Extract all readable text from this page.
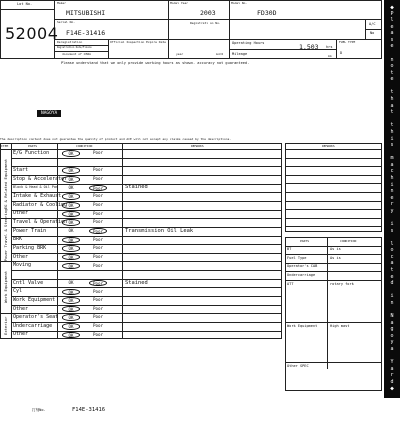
◆
P
l
e
a
s
e
n
o
t
e
t
h
a
t
t
h
i
s
m
a
c
h
i
n
e
r
y
i
s
l
o
c
a
t
e
d
i
n
N
a
g
o
y
a
Y
a
r
d
◆
Lot No.
52004
Maker
MITSUBISHI
Model Year
2003
Model No.
FD30D
Serial No.
F14E-31416
Registrati on No.	A/C
No
Deregistration
Registration Date/Finale
document of CEWA
Official Inspection Expire Date
year	month
Operating Hours	1,503 hrs
Mileage	km
FUEL TYPE
D
Please understand that we only provide working hours as shown. accuracy not guaranteed.
NAGOYA
The description content does not guarantee the quality of product and ACE will not accept any claims caused by the descriptions.
ITEM	PARTS	CONDITION	REMARKS
EG & Related Equipment
E/G Function	OK	Poor
Start	OK	Poor
Stop & Accelerator OK	Poor
Block & Head & Oil Pan	OK	Poor	Stained
Intake & Exhaust	OK	Poor
Radiator & Cooling OK	Poor
Other	OK	Poor
Power Travel & Steering Travel & Operation OK	Poor
Power Train	OK	Poor	Transmission Oil Leak
BRK	OK	Poor
Parking BRK	OK	Poor
Other	OK	Poor
Work Equipment
Moving	OK	Poor
Cntl Valve	OK	Poor	Stained
Cyl	OK	Poor
Work Equipment	OK	Poor
Other	OK	Poor
Exterior
Operator's Seat	OK	Poor
Undercarriage	OK	Poor
Other	OK	Poor
REMARKS
PARTS	CONDITION
BT	As is
Fuel Type	As is
Operator's CAB
Undercarriage
ATT	rotary fork
Work Equipment	High mast
Other SPEC
打刻No.	F14E-31416
